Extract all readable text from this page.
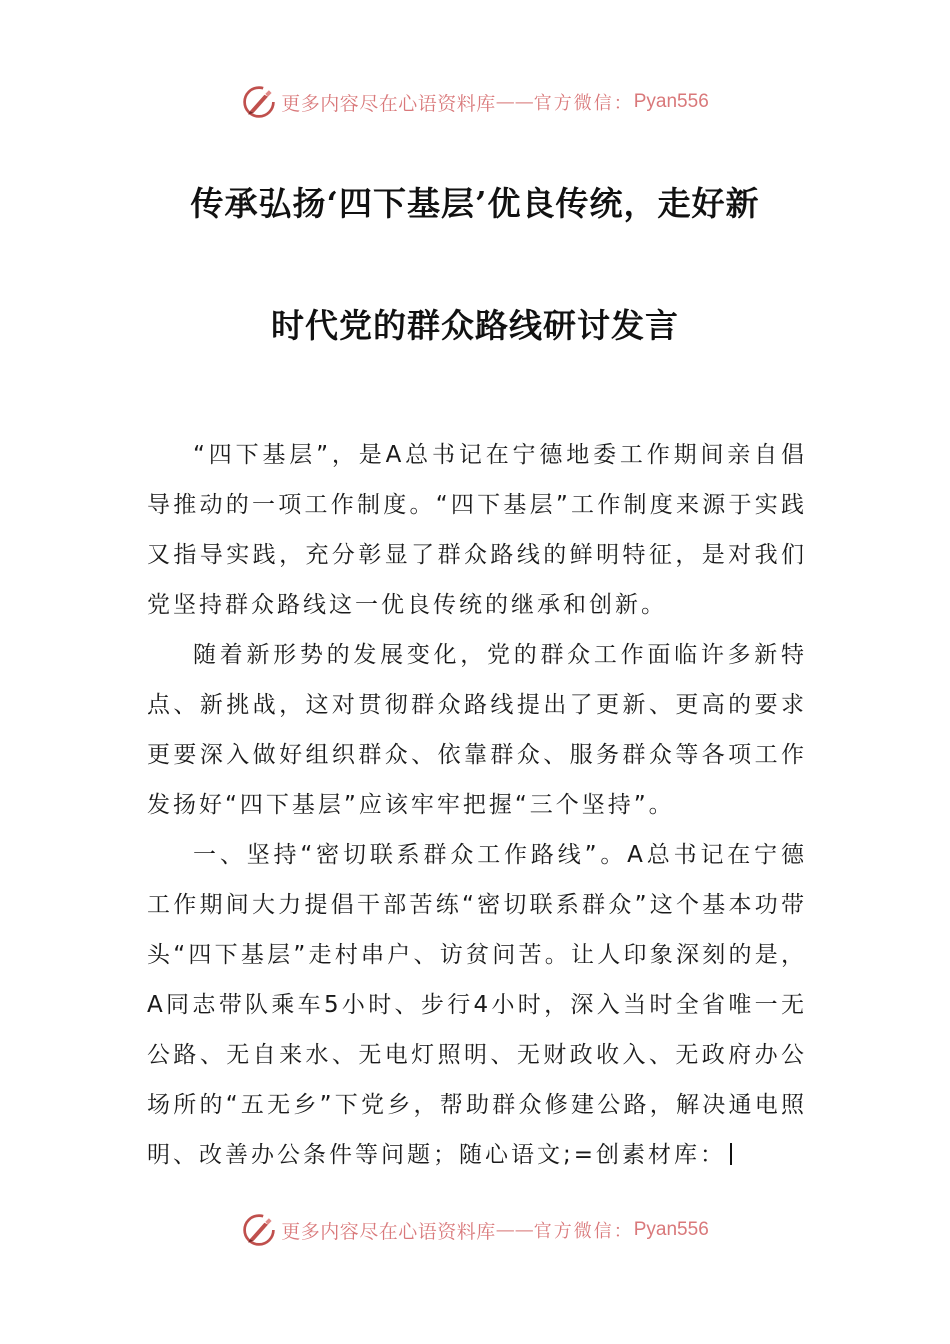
更多内容尽在心语资料库 —— 官方微信： Pyan556
传承弘扬‘四下基层’优良传统，走好新
时代党的群众路线研讨发言

“四下基层”，是A总书记在宁德地委工作期间亲自倡导推动的一项工作制度。“四下基层”工作制度来源于实践又指导实践，充分彰显了群众路线的鲜明特征，是对我们党坚持群众路线这一优良传统的继承和创新。

随着新形势的发展变化，党的群众工作面临许多新特点、新挑战，这对贯彻群众路线提出了更新、更高的要求更要深入做好组织群众、依靠群众、服务群众等各项工作发扬好“四下基层”应该牢牢把握“三个坚持”。

一、坚持“密切联系群众工作路线”。A总书记在宁德工作期间大力提倡干部苦练“密切联系群众”这个基本功带头“四下基层”走村串户、访贫问苦。让人印象深刻的是，A同志带队乘车5小时、步行4小时，深入当时全省唯一无公路、无自来水、无电灯照明、无财政收入、无政府办公场所的“五无乡”下党乡，帮助群众修建公路，解决通电照明、改善办公条件等问题；随心语文;=创素材库：

更多内容尽在心语资料库 —— 官方微信： Pyan556
